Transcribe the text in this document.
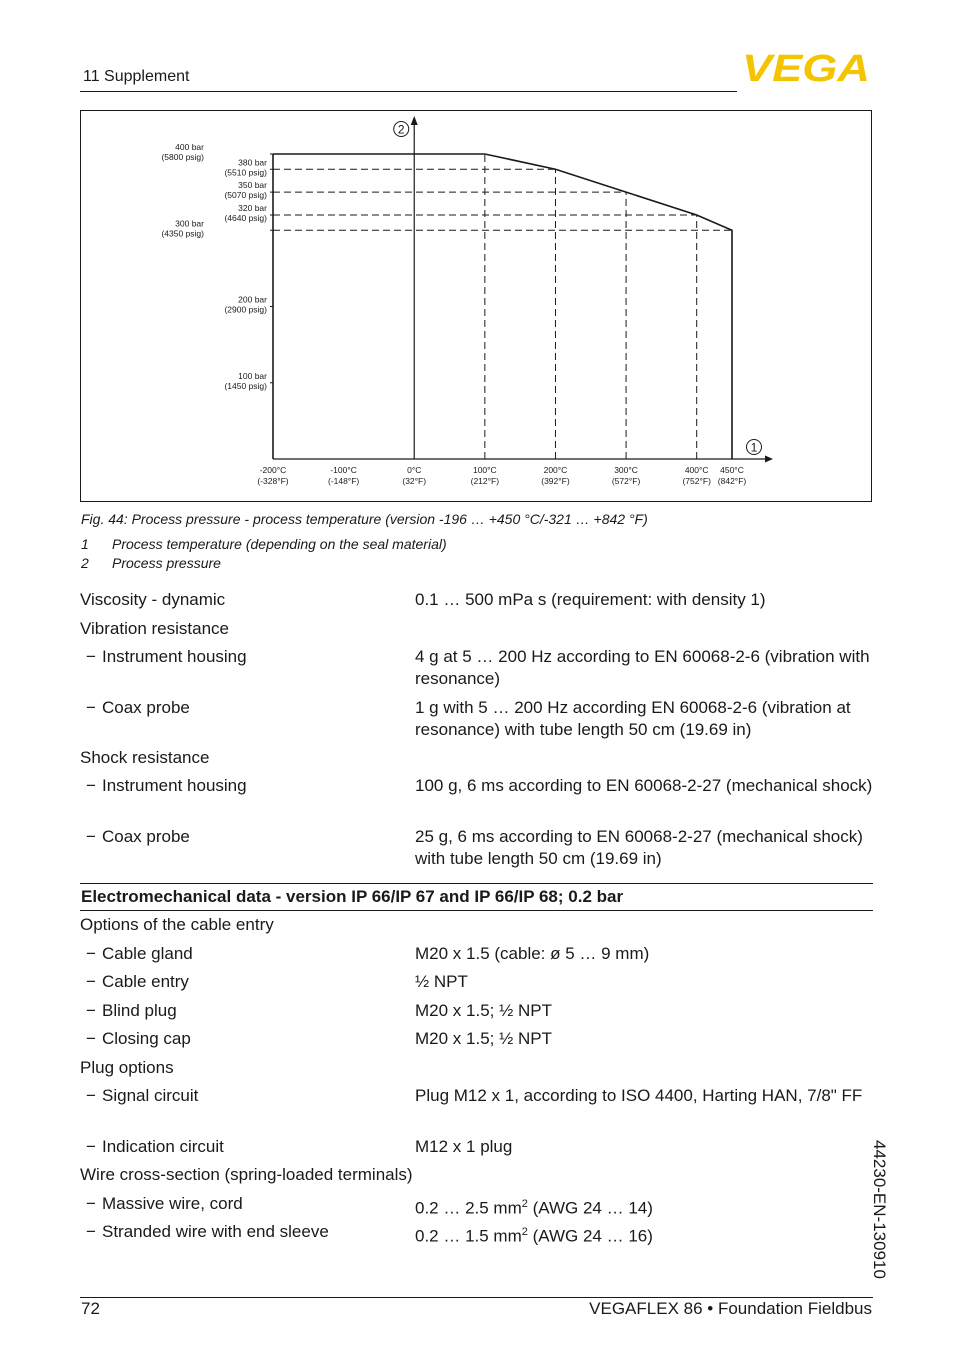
11 Supplement	VEGA
2
1
400 bar
(5800 psig)
300 bar
(4350 psig)
380 bar
(5510 psig)
350 bar
(5070 psig)
320 bar
(4640 psig)
200 bar
(2900 psig)
100 bar
(1450 psig)
-200°C
(-328°F)
-100°C
(-148°F)
0°C
(32°F)
100°C
(212°F)
200°C
(392°F)
300°C
(572°F)
400°C
(752°F)
450°C
(842°F)
Fig. 44: Process pressure - process temperature (version -196 … +450 °C/-321 … +842 °F)
1 Process temperature (depending on the seal material)
2 Process pressure
Viscosity - dynamic	0.1 … 500 mPa s (requirement: with density 1)
Vibration resistance
− Instrument housing	4 g at 5 … 200 Hz according to EN 60068-2-6 (vibration with resonance)
− Coax probe	1 g with 5 … 200 Hz according EN 60068-2-6 (vibration at resonance) with tube length 50 cm (19.69 in)
Shock resistance
− Instrument housing	100 g, 6 ms according to EN 60068-2-27 (mechanical shock)
− Coax probe	25 g, 6 ms according to EN 60068-2-27 (mechanical shock) with tube length 50 cm (19.69 in)
Electromechanical data - version IP 66/IP 67 and IP 66/IP 68; 0.2 bar
Options of the cable entry
− Cable gland	M20 x 1.5 (cable: ø 5 … 9 mm)
− Cable entry	½ NPT
− Blind plug	M20 x 1.5; ½ NPT
− Closing cap	M20 x 1.5; ½ NPT
Plug options
− Signal circuit	Plug M12 x 1, according to ISO 4400, Harting HAN, 7/8" FF
− Indication circuit	M12 x 1 plug
Wire cross-section (spring-loaded terminals)
− Massive wire, cord	0.2 … 2.5 $mm^2$ (AWG 24 … 14)
− Stranded wire with end sleeve	0.2 … 1.5 $mm^2$ (AWG 24 … 16)	44230-EN-130910
72	VEGAFLEX 86 • Foundation Fieldbus
